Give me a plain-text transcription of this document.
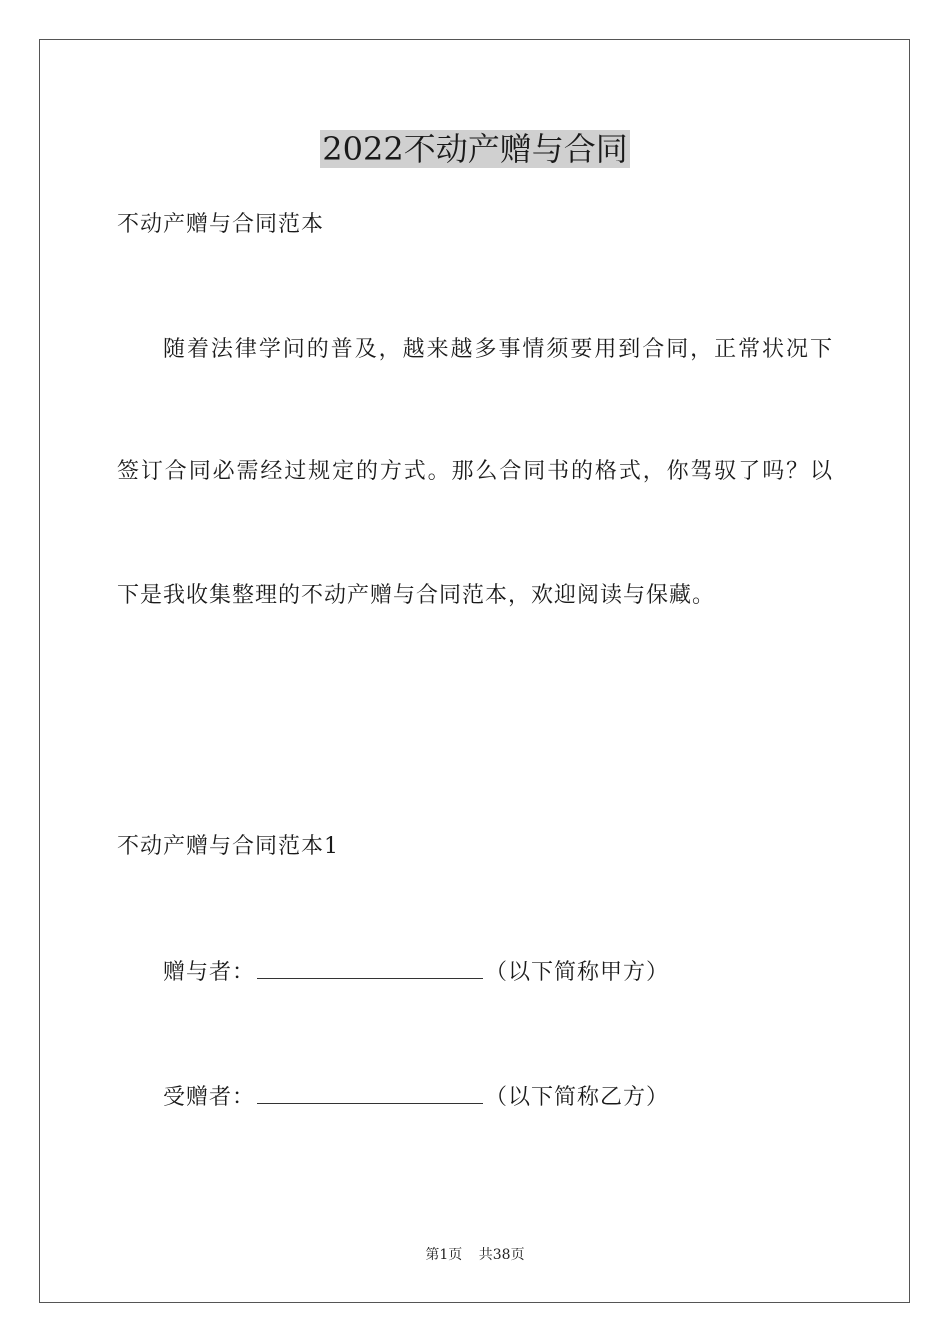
2022不动产赠与合同

不动产赠与合同范本

随着法律学问的普及，越来越多事情须要用到合同，正常状况下

签订合同必需经过规定的方式。那么合同书的格式，你驾驭了吗？以

下是我收集整理的不动产赠与合同范本，欢迎阅读与保藏。

不动产赠与合同范本1

赠与者：	（以下简称甲方）
受赠者：	（以下简称乙方）
第1页 共38页
